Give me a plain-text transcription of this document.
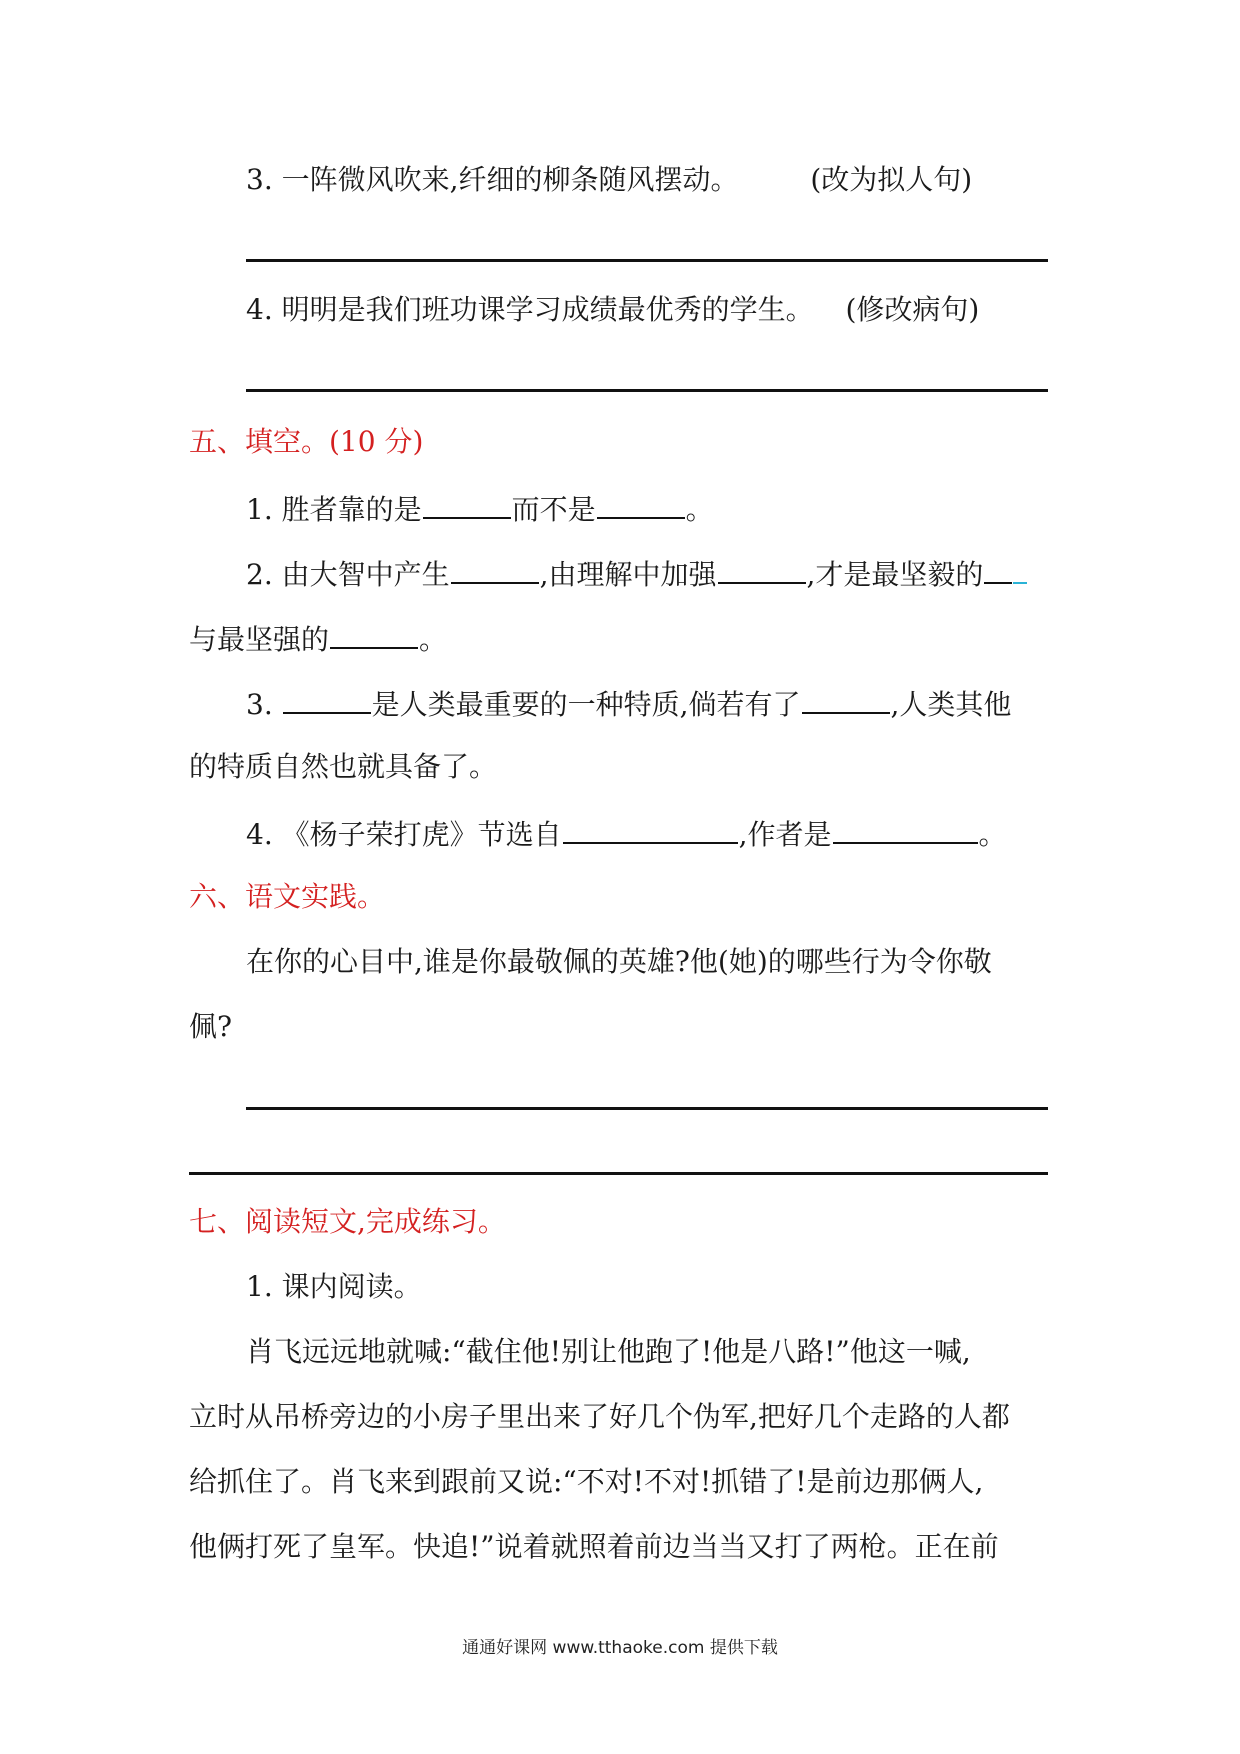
3. 一阵微风吹来,纤细的柳条随风摆动。	(改为拟人句)
4. 明明是我们班功课学习成绩最优秀的学生。 (修改病句)
五、填空。(10 分)
1. 胜者靠的是	而不是	。
2. 由大智中产生	,由理解中加强	,才是最坚毅的
与最坚强的	。
3.	是人类最重要的一种特质,倘若有了	,人类其他
的特质自然也就具备了。
4. 《杨子荣打虎》节选自	,作者是	。
六、语文实践。
在你的心目中,谁是你最敬佩的英雄?他(她)的哪些行为令你敬
佩?
七、阅读短文,完成练习。
1. 课内阅读。
肖飞远远地就喊:“截住他!别让他跑了!他是八路!”他这一喊,
立时从吊桥旁边的小房子里出来了好几个伪军,把好几个走路的人都
给抓住了。肖飞来到跟前又说:“不对!不对!抓错了!是前边那俩人,
他俩打死了皇军。快追!”说着就照着前边当当又打了两枪。正在前
通通好课网 www.tthaoke.com 提供下载
